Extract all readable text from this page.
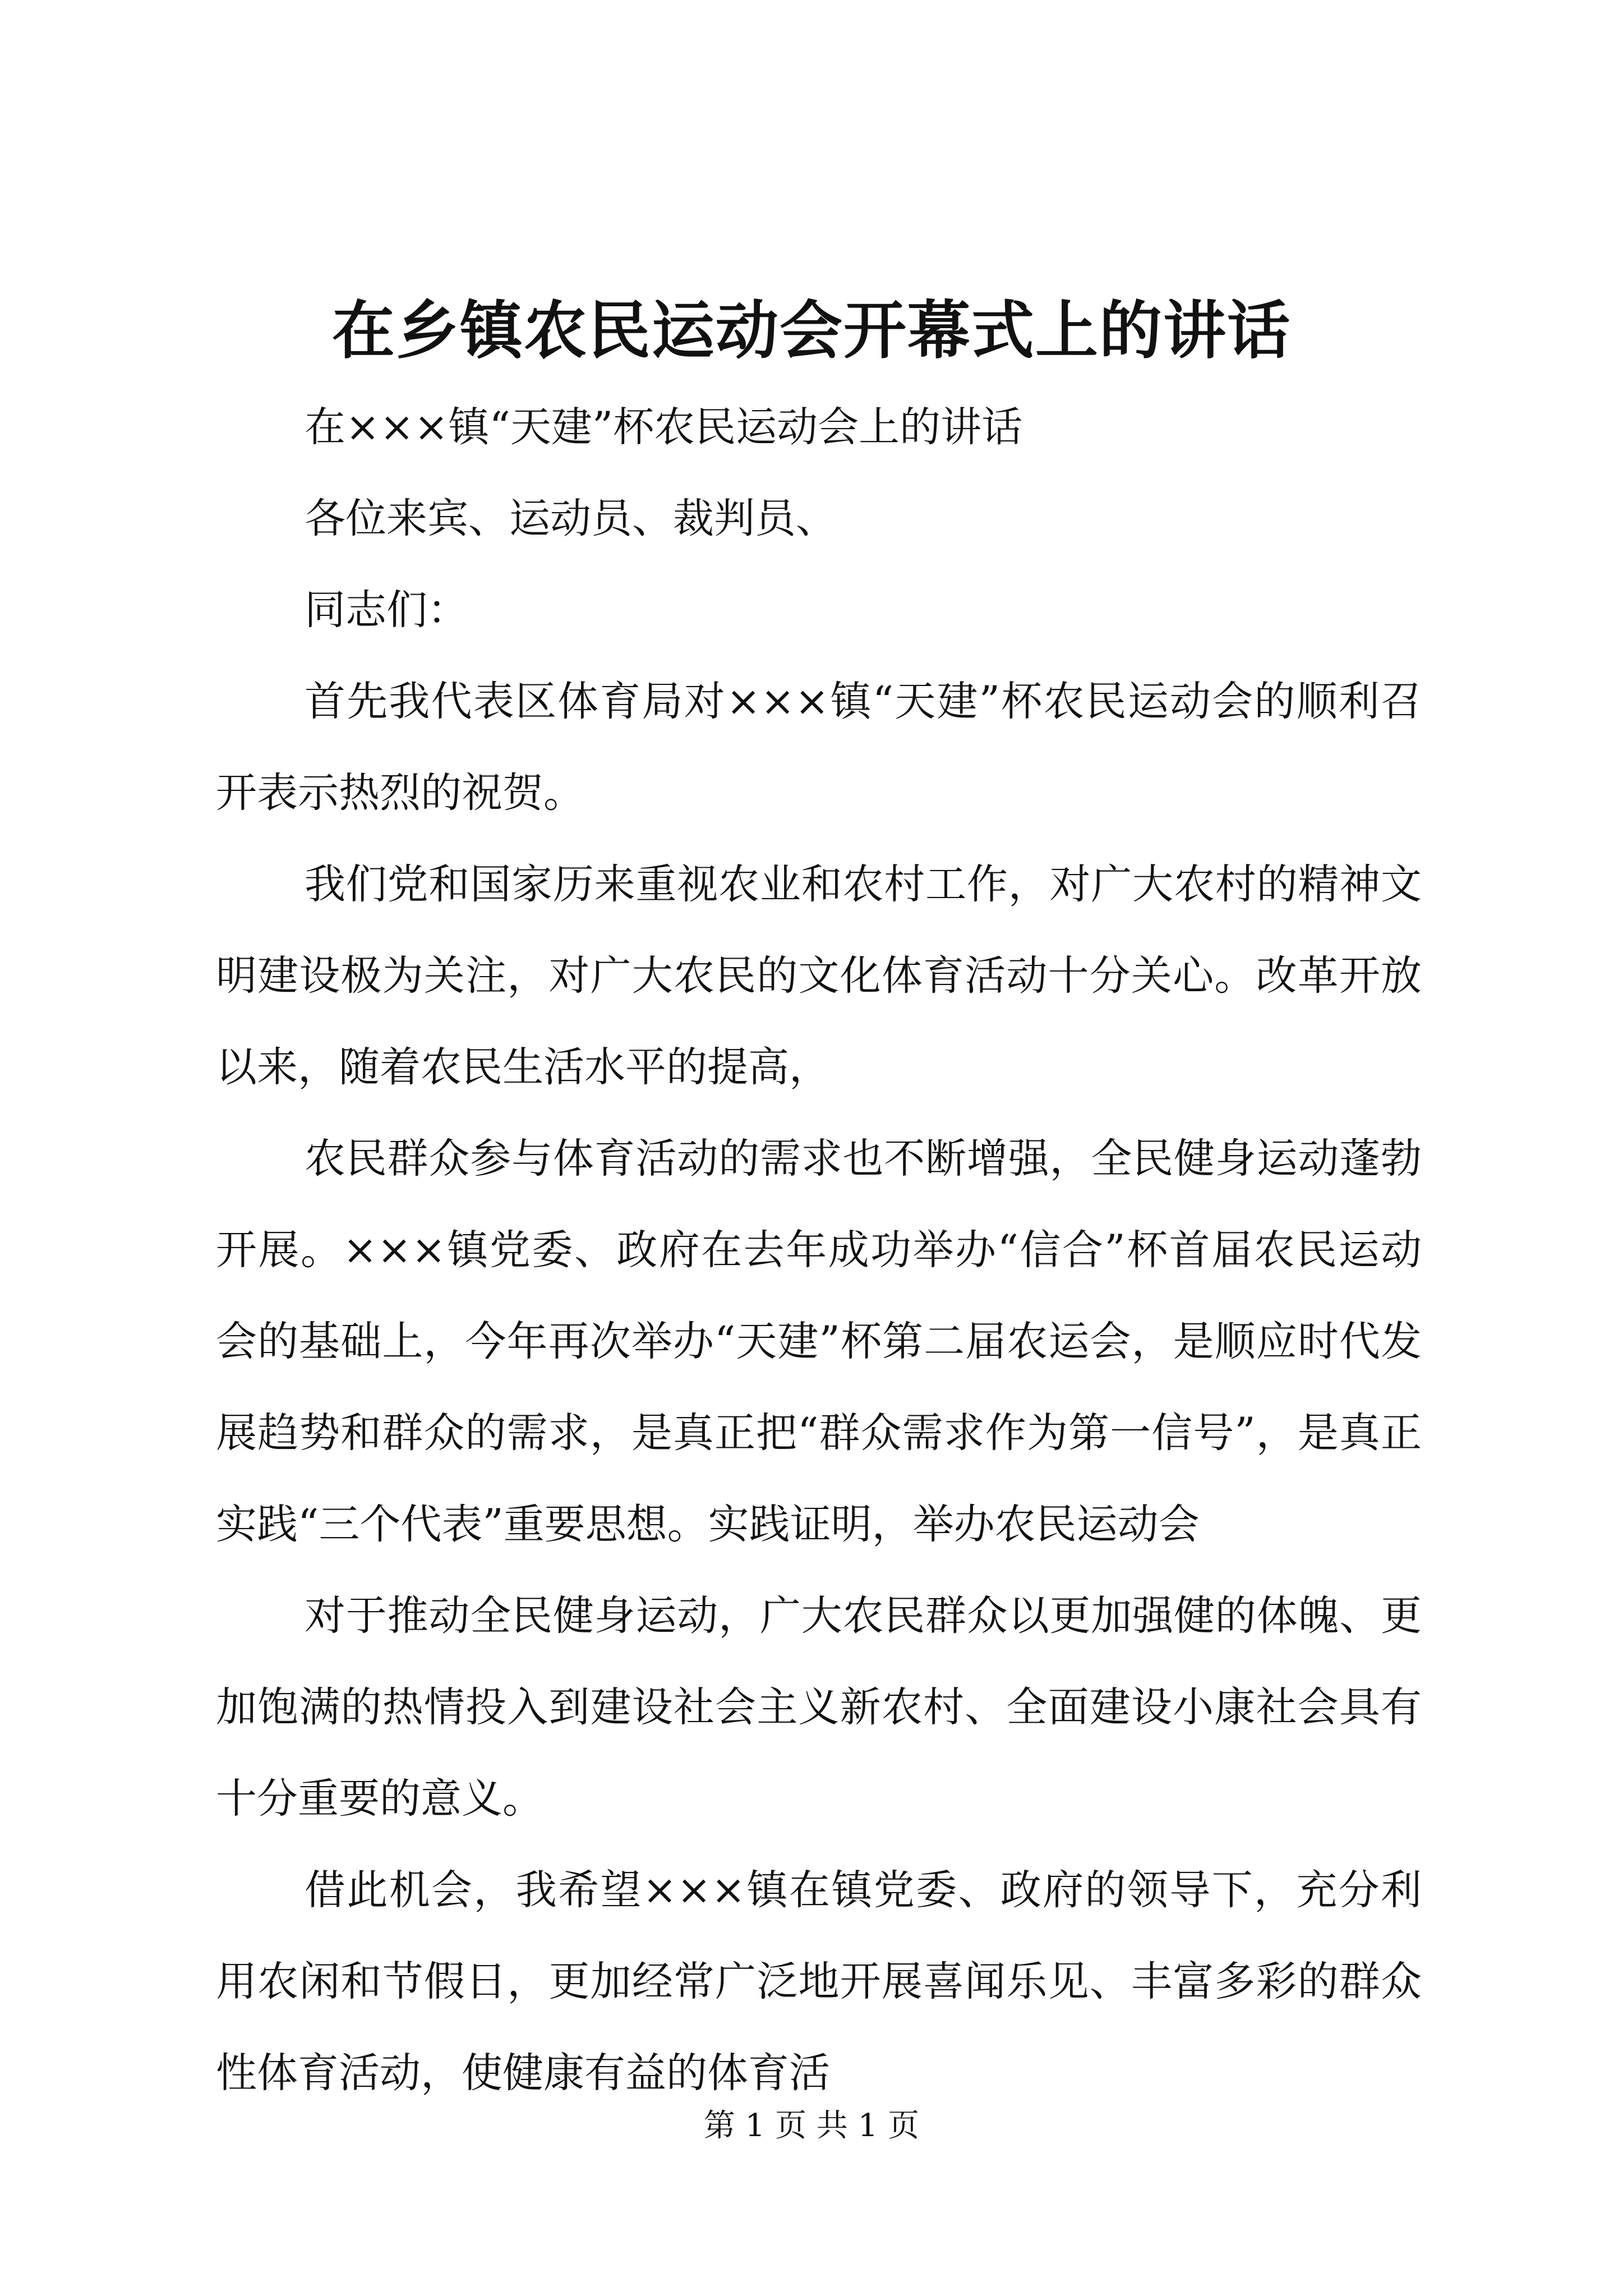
在乡镇农民运动会开幕式上的讲话

在×××镇“天建”杯农民运动会上的讲话

各位来宾、运动员、裁判员、

同志们：

首先我代表区体育局对×××镇“天建”杯农民运动会的顺利召开表示热烈的祝贺。

我们党和国家历来重视农业和农村工作，对广大农村的精神文明建设极为关注，对广大农民的文化体育活动十分关心。改革开放以来，随着农民生活水平的提高，

农民群众参与体育活动的需求也不断增强，全民健身运动蓬勃开展。×××镇党委、政府在去年成功举办“信合”杯首届农民运动会的基础上，今年再次举办“天建”杯第二届农运会，是顺应时代发展趋势和群众的需求，是真正把“群众需求作为第一信号”，是真正实践“三个代表”重要思想。实践证明，举办农民运动会

对于推动全民健身运动，广大农民群众以更加强健的体魄、更加饱满的热情投入到建设社会主义新农村、全面建设小康社会具有十分重要的意义。

借此机会，我希望×××镇在镇党委、政府的领导下，充分利用农闲和节假日，更加经常广泛地开展喜闻乐见、丰富多彩的群众性体育活动，使健康有益的体育活

第 1 页 共 1 页
